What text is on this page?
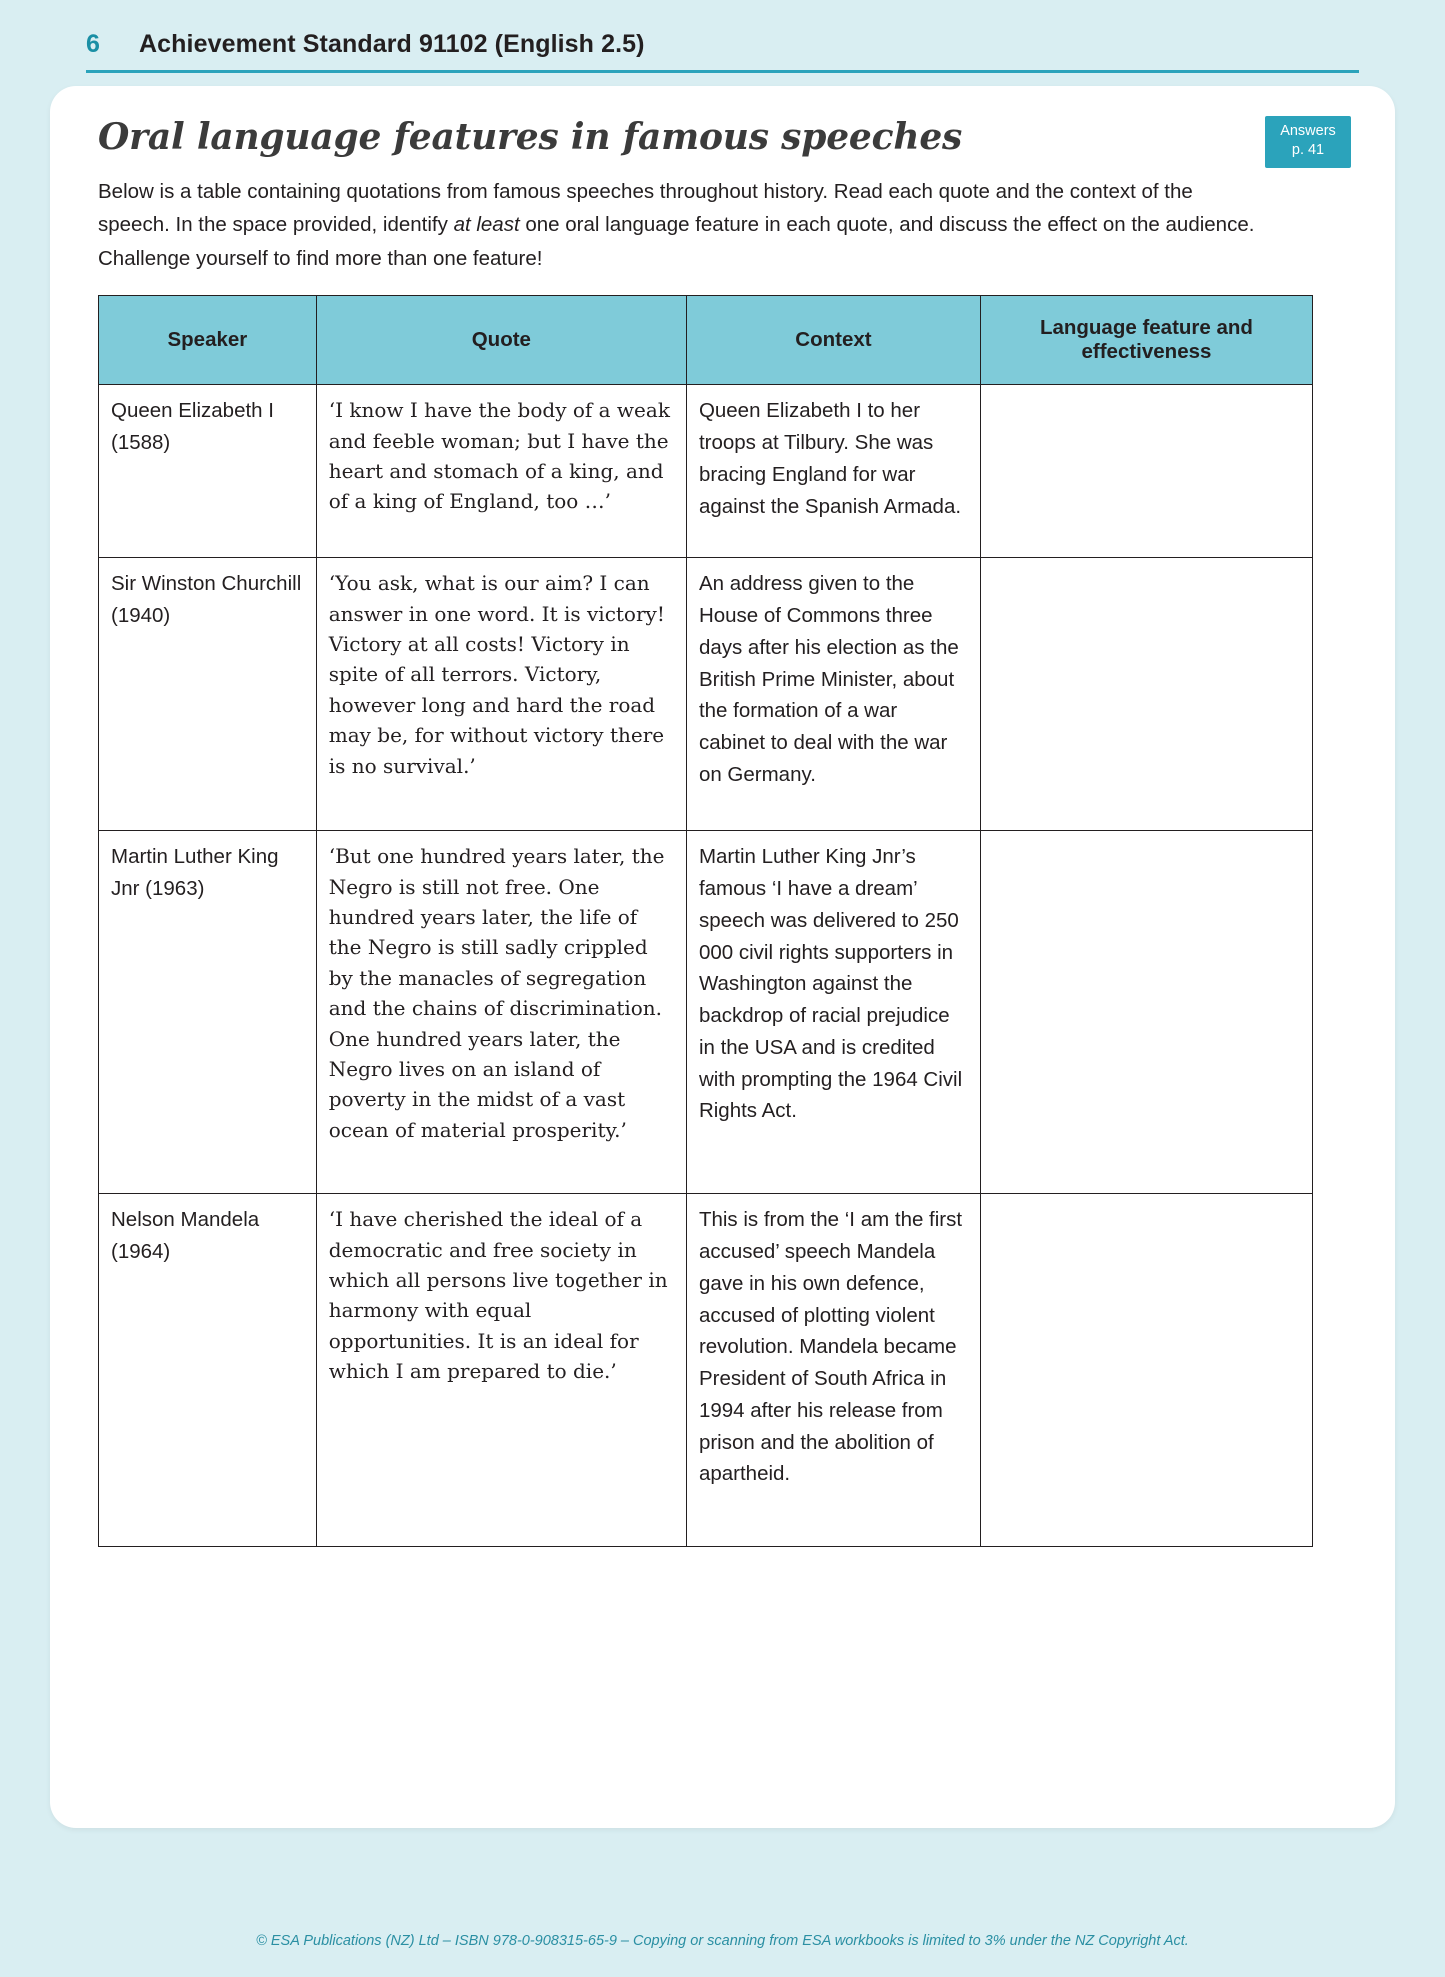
6 Achievement Standard 91102 (English 2.5)
Answers
p. 41
Oral language features in famous speeches

Below is a table containing quotations from famous speeches throughout history. Read each quote and the context of the speech. In the space provided, identify at least one oral language feature in each quote, and discuss the effect on the audience. Challenge yourself to find more than one feature!

Speaker	Quote	Context	Language feature and effectiveness
Queen Elizabeth I (1588)	‘I know I have the body of a weak and feeble woman; but I have the heart and stomach of a king, and of a king of England, too …’	Queen Elizabeth I to her troops at Tilbury. She was bracing England for war against the Spanish Armada.	
Sir Winston Churchill (1940)	‘You ask, what is our aim? I can answer in one word. It is victory! Victory at all costs! Victory in spite of all terrors. Victory, however long and hard the road may be, for without victory there is no survival.’	An address given to the House of Commons three days after his election as the British Prime Minister, about the formation of a war cabinet to deal with the war on Germany.	
Martin Luther King Jnr (1963)	‘But one hundred years later, the Negro is still not free. One hundred years later, the life of the Negro is still sadly crippled by the manacles of segregation and the chains of discrimination. One hundred years later, the Negro lives on an island of poverty in the midst of a vast ocean of material prosperity.’	Martin Luther King Jnr’s famous ‘I have a dream’ speech was delivered to 250 000 civil rights supporters in Washington against the backdrop of racial prejudice in the USA and is credited with prompting the 1964 Civil Rights Act.	
Nelson Mandela (1964)	‘I have cherished the ideal of a democratic and free society in which all persons live together in harmony with equal opportunities. It is an ideal for which I am prepared to die.’	This is from the ‘I am the first accused’ speech Mandela gave in his own defence, accused of plotting violent revolution. Mandela became President of South Africa in 1994 after his release from prison and the abolition of apartheid.	
© ESA Publications (NZ) Ltd – ISBN 978-0-908315-65-9 – Copying or scanning from ESA workbooks is limited to 3% under the NZ Copyright Act.
